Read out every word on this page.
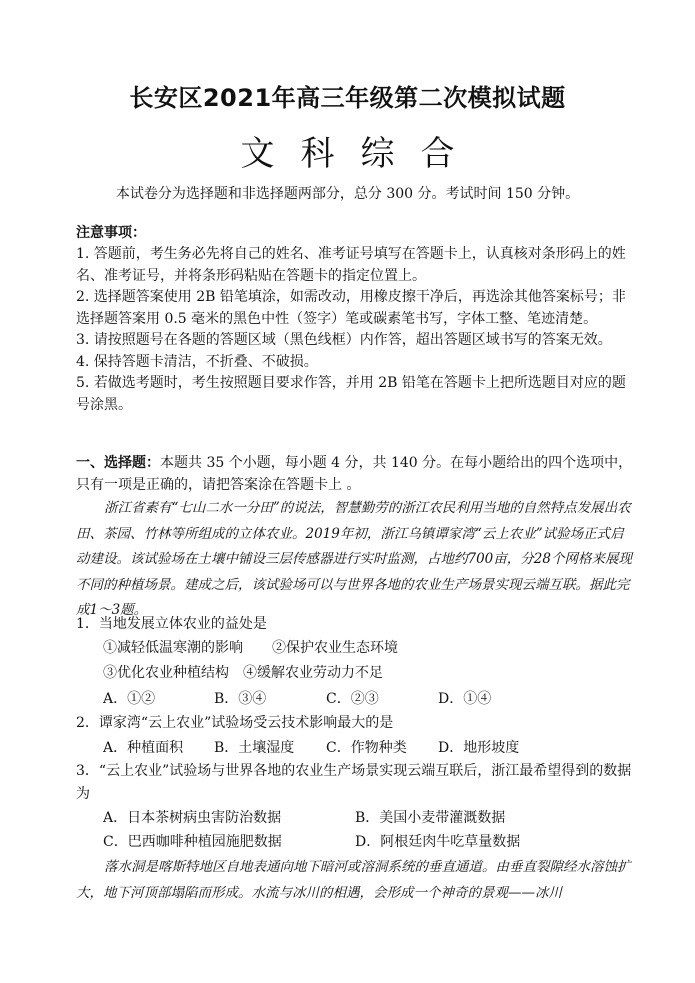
长安区2021年高三年级第二次模拟试题
文科综合
本试卷分为选择题和非选择题两部分，总分 300 分。考试时间 150 分钟。
注意事项：

1. 答题前，考生务必先将自己的姓名、准考证号填写在答题卡上，认真核对条形码上的姓名、准考证号，并将条形码粘贴在答题卡的指定位置上。

2. 选择题答案使用 2B 铅笔填涂，如需改动，用橡皮擦干净后，再选涂其他答案标号；非选择题答案用 0.5 毫米的黑色中性（签字）笔或碳素笔书写，字体工整、笔迹清楚。

3. 请按照题号在各题的答题区域（黑色线框）内作答，超出答题区域书写的答案无效。

4. 保持答题卡清洁，不折叠、不破损。

5. 若做选考题时，考生按照题目要求作答，并用 2B 铅笔在答题卡上把所选题目对应的题号涂黑。

一、选择题：本题共 35 个小题，每小题 4 分，共 140 分。在每小题给出的四个选项中，只有一项是正确的，请把答案涂在答题卡上 。
浙江省素有“七山二水一分田”的说法，智慧勤劳的浙江农民利用当地的自然特点发展出农田、茶园、竹林等所组成的立体农业。2019年初，浙江乌镇谭家湾“云上农业”试验场正式启动建设。该试验场在土壤中铺设三层传感器进行实时监测，占地约700亩，分28个网格来展现不同的种植场景。建成之后，该试验场可以与世界各地的农业生产场景实现云端互联。据此完成1～3题。
1．当地发展立体农业的益处是
①减轻低温寒潮的影响 ②保护农业生态环境
③优化农业种植结构 ④缓解农业劳动力不足
A．①②	B．③④	C．②③	D．①④
2．谭家湾“云上农业”试验场受云技术影响最大的是
A．种植面积 B．土壤湿度 C．作物种类 D．地形坡度
3．“云上农业”试验场与世界各地的农业生产场景实现云端互联后，浙江最希望得到的数据为
A．日本茶树病虫害防治数据	B．美国小麦带灌溉数据
C．巴西咖啡种植园施肥数据	D．阿根廷肉牛吃草量数据
落水洞是喀斯特地区自地表通向地下暗河或溶洞系统的垂直通道。由垂直裂隙经水溶蚀扩大，地下河顶部塌陷而形成。水流与冰川的相遇，会形成一个神奇的景观——冰川
